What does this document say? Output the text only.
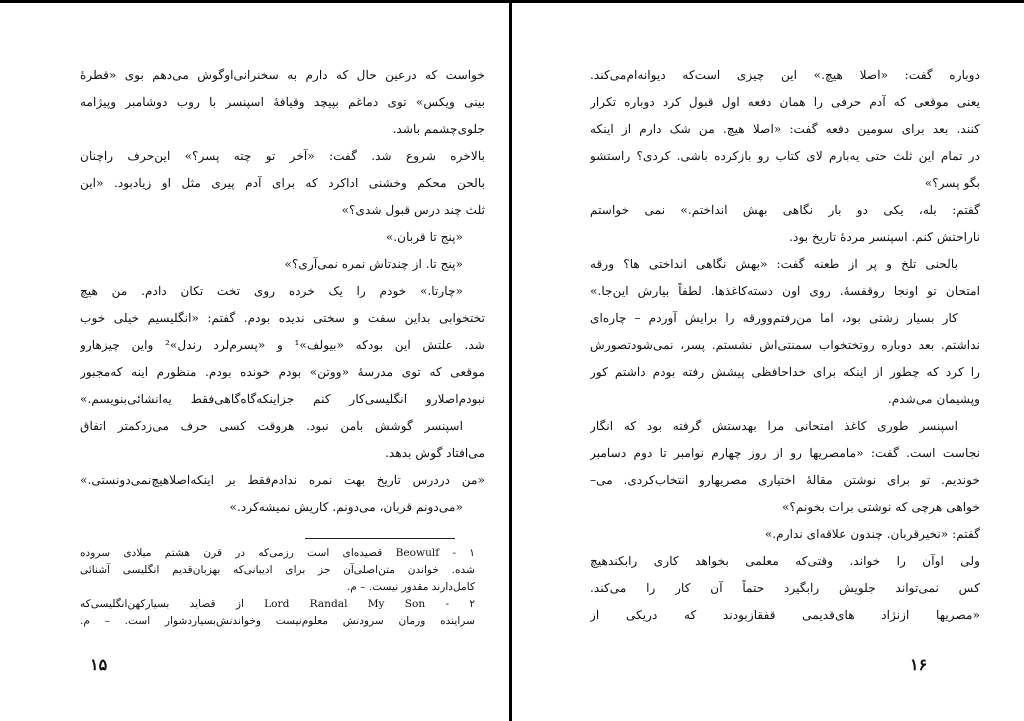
خواست که درعین حال که دارم به سخنرانی‌اوگوش می‌دهم بوی «قطرهٔ
بینی ویکس» توی دماغم بپیچد وقیافهٔ اسپنسر با روب دوشامبر وپیژامه
جلوی‌چشمم باشد.
بالاخره شروع شد. گفت: «آخر تو چته پسر؟» این‌حرف راچنان
بالحن محکم وخشنی اداکرد که برای آدم پیری مثل او زیادبود. «این
ثلث چند درس قبول شدی؟»
«پنج تا قربان.»
«پنج تا. از چندتاش نمره نمی‌آری؟»
«چارتا.» خودم را یک خرده روی تخت تکان دادم. من هیچ
تختخوابی بداین سفت و سختی ندیده بودم. گفتم: «انگلیسیم خیلی خوب
شد. علتش این بودکه «بیولف»¹ و «پسرم‌لرد رندل»² واین چیزهارو
موقعی که توی مدرسهٔ «ووتن» بودم خونده بودم. منظورم اینه که‌مجبور
نبودم‌اصلارو انگلیسی‌کار کنم جزاینکه‌گاه‌گاهی‌فقط یه‌انشائی‌بنویسم.»
اسپنسر گوشش بامن نبود. هروقت کسی حرف می‌زدکمتر اتفاق
می‌افتاد گوش بدهد.
«من دردرس تاریخ بهت نمره ندادم‌فقط بر اینکه‌اصلاهیچ‌نمی‌دونستی.»
«می‌دونم قربان، می‌دونم. کاریش نمیشه‌کرد.»
۱ - Beowulf قصیده‌ای است رزمی‌که در قرن هشتم میلادی سروده
شده. خواندن متن‌اصلی‌آن جز برای ادیبانی‌که بهزبان‌قدیم انگلیسی آشنائی
کامل‌دارند مقدور نیست. – م.
۲ - Lord Randal My Son از قصاید بسیارکهن‌انگلیسی‌که
سراینده ورمان سرودنش معلوم‌نیست وخواندنش‌بسیاردشوار است. – م.
۱۵
دوباره گفت: «اصلا هیچ.» این چیزی است‌که دیوانه‌ام‌می‌کند.
یعنی موقعی که آدم حرفی را همان دفعه اول قبول کرد دوباره تکرار
کنند. بعد برای سومین دفعه گفت: «اصلا هیچ. من شک دارم از اینکه
در تمام این ثلث حتی یه‌بارم لای کتاب رو بازکرده باشی. کردی؟ راستشو
بگو پسر؟»
گفتم: بله، یکی دو بار نگاهی بهش انداختم.» نمی خواستم
ناراحتش کنم. اسپنسر مردهٔ تاریخ بود.
بالحنی تلخ و پر از طعنه گفت: «بهش نگاهی انداختی ها؟ ورقه
امتحان تو اونجا روقفسهٔ. روی اون دسته‌کاغذها. لطفاً بیارش این‌جا.»
کار بسیار زشتی بود، اما من‌رفتم‌وورقه را برایش آوردم – چاره‌ای
نداشتم. بعد دوباره روتختخواب سمنتی‌اش نشستم. پسر، نمی‌شودتصورش
را کرد که چطور از اینکه برای خداحافظی پیشش رفته بودم داشتم کور
وپشیمان می‌شدم.
اسپنسر طوری کاغذ امتحانی مرا بهدستش گرفته بود که انگار
نجاست است. گفت: «مامصریها رو از روز چهارم نوامبر تا دوم دسامبر
خوندیم. تو برای نوشتن مقالهٔ اختیاری مصریهارو انتخاب‌کردی. می‌–
خواهی هرچی که نوشتی برات بخونم؟»
گفتم: «نخیرقربان. چندون علاقه‌ای ندارم.»
ولی اوآن را خواند. وقتی‌که معلمی بخواهد کاری رابکندهیچ
کس نمی‌تواند جلویش رابگیرد حتماً آن کار را می‌کند.
«مصریها ازنژاد های‌قدیمی قفقازبودند که دریکی از
۱۶
